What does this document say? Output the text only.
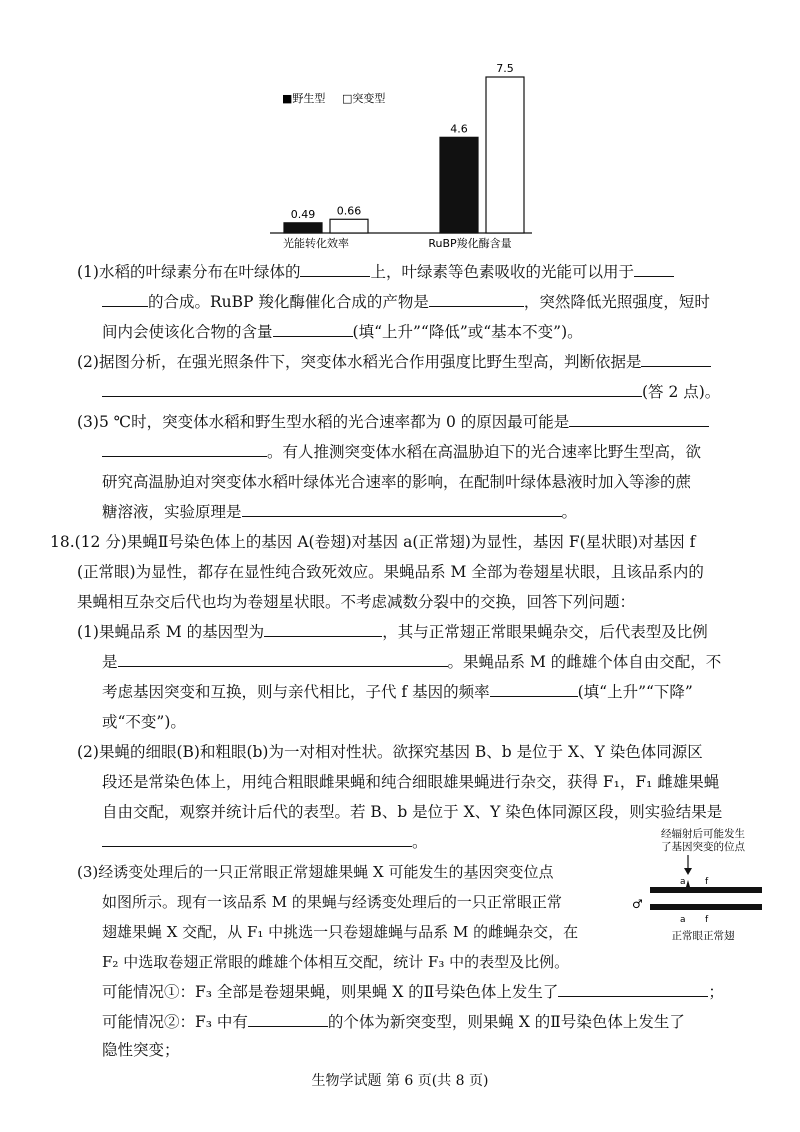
■野生型 □突变型
0.49 0.66
4.6
7.5
光能转化效率	RuBP羧化酶含量
(1)水稻的叶绿素分布在叶绿体的	上，叶绿素等色素吸收的光能可以用于
的合成。RuBP 羧化酶催化合成的产物是	，突然降低光照强度，短时
间内会使该化合物的含量	(填“上升”“降低”或“基本不变”)。
(2)据图分析，在强光照条件下，突变体水稻光合作用强度比野生型高，判断依据是
(答 2 点)。
(3)5 ℃时，突变体水稻和野生型水稻的光合速率都为 0 的原因最可能是
。有人推测突变体水稻在高温胁迫下的光合速率比野生型高，欲
研究高温胁迫对突变体水稻叶绿体光合速率的影响，在配制叶绿体悬液时加入等渗的蔗
糖溶液，实验原理是	。
18.(12 分)果蝇Ⅱ号染色体上的基因 A(卷翅)对基因 a(正常翅)为显性，基因 F(星状眼)对基因 f
(正常眼)为显性，都存在显性纯合致死效应。果蝇品系 M 全部为卷翅星状眼，且该品系内的
果蝇相互杂交后代也均为卷翅星状眼。不考虑减数分裂中的交换，回答下列问题：
(1)果蝇品系 M 的基因型为	，其与正常翅正常眼果蝇杂交，后代表型及比例
是	。果蝇品系 M 的雌雄个体自由交配，不
考虑基因突变和互换，则与亲代相比，子代 f 基因的频率	(填“上升”“下降”
或“不变”)。
(2)果蝇的细眼(B)和粗眼(b)为一对相对性状。欲探究基因 B、b 是位于 X、Y 染色体同源区
段还是常染色体上，用纯合粗眼雌果蝇和纯合细眼雄果蝇进行杂交，获得 F₁，F₁ 雌雄果蝇
自由交配，观察并统计后代的表型。若 B、b 是位于 X、Y 染色体同源区段，则实验结果是
。
(3)经诱变处理后的一只正常眼正常翅雄果蝇 X 可能发生的基因突变位点
如图所示。现有一该品系 M 的果蝇与经诱变处理后的一只正常眼正常
翅雄果蝇 X 交配，从 F₁ 中挑选一只卷翅雄蝇与品系 M 的雌蝇杂交，在
F₂ 中选取卷翅正常眼的雌雄个体相互交配，统计 F₃ 中的表型及比例。
可能情况①：F₃ 全部是卷翅果蝇，则果蝇 X 的Ⅱ号染色体上发生了	；
可能情况②：F₃ 中有	的个体为新突变型，则果蝇 X 的Ⅱ号染色体上发生了
隐性突变；
经辐射后可能发生
了基因突变的位点
a f
a f
♂
正常眼正常翅
生物学试题 第 6 页(共 8 页)
